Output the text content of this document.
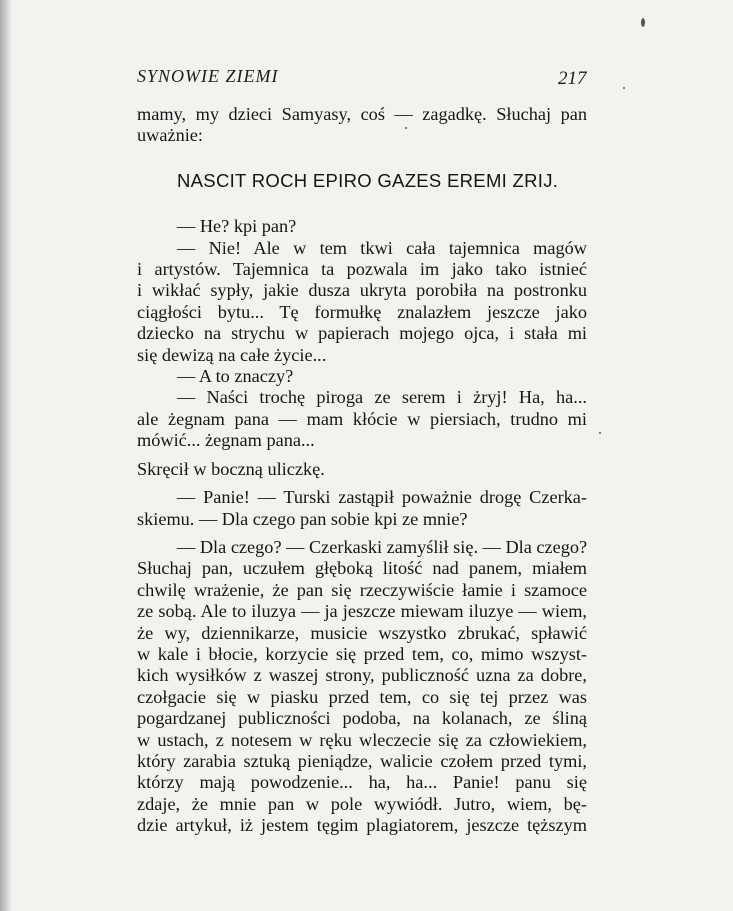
SYNOWIE ZIEMI	217

mamy, my dzieci Samyasy, coś — zagadkę. Słuchaj pan
uważnie:

NASCIT ROCH EPIRO GAZES EREMI ZRIJ.

— He? kpi pan?

— Nie! Ale w tem tkwi cała tajemnica magów
i artystów. Tajemnica ta pozwala im jako tako istnieć
i wikłać sypły, jakie dusza ukryta porobiła na postronku
ciągłości bytu... Tę formułkę znalazłem jeszcze jako
dziecko na strychu w papierach mojego ojca, i stała mi
się dewizą na całe życie...

— A to znaczy?

— Naści trochę piroga ze serem i żryj! Ha, ha...
ale żegnam pana — mam kłócie w piersiach, trudno mi
mówić... żegnam pana...

Skręcił w boczną uliczkę.

— Panie! — Turski zastąpił poważnie drogę Czerka-
skiemu. — Dla czego pan sobie kpi ze mnie?

— Dla czego? — Czerkaski zamyślił się. — Dla czego?
Słuchaj pan, uczułem głęboką litość nad panem, miałem
chwilę wrażenie, że pan się rzeczywiście łamie i szamoce
ze sobą. Ale to iluzya — ja jeszcze miewam iluzye — wiem,
że wy, dziennikarze, musicie wszystko zbrukać, spławić
w kale i błocie, korzycie się przed tem, co, mimo wszyst-
kich wysiłków z waszej strony, publiczność uzna za dobre,
czołgacie się w piasku przed tem, co się tej przez was
pogardzanej publiczności podoba, na kolanach, ze śliną
w ustach, z notesem w ręku wleczecie się za człowiekiem,
który zarabia sztuką pieniądze, walicie czołem przed tymi,
którzy mają powodzenie... ha, ha... Panie! panu się
zdaje, że mnie pan w pole wywiódł. Jutro, wiem, bę-
dzie artykuł, iż jestem tęgim plagiatorem, jeszcze tęższym
